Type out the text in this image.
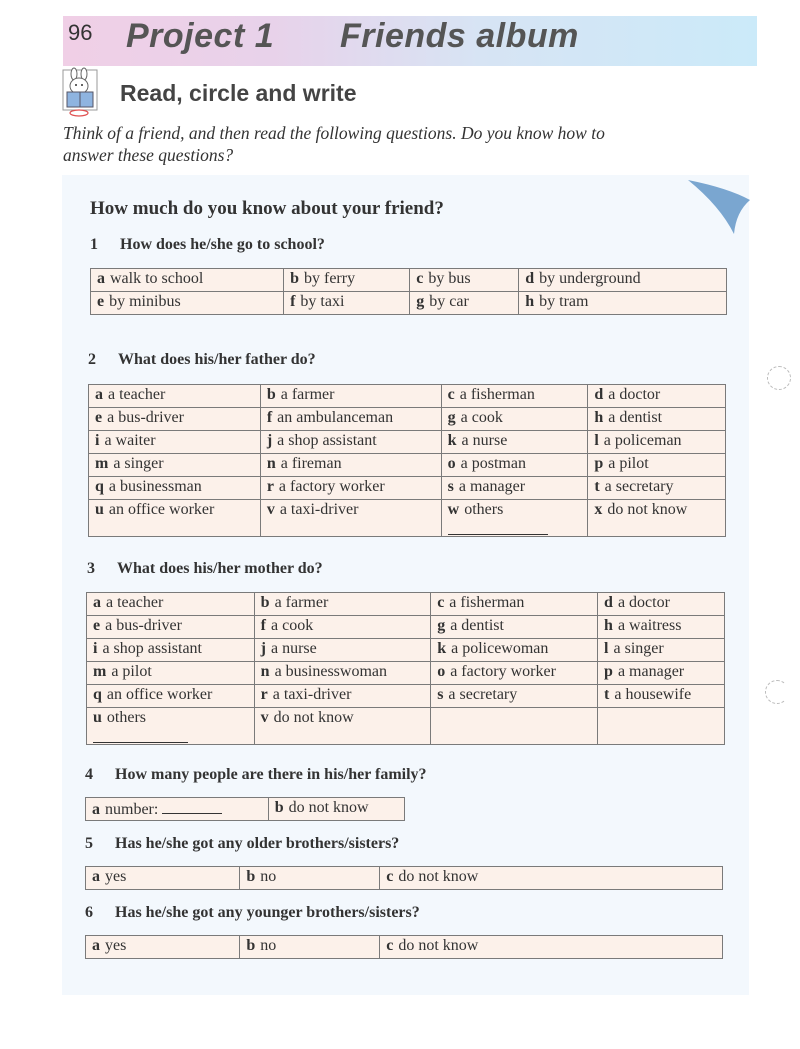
96 Project 1 Friends album
Read, circle and write
Think of a friend, and then read the following questions. Do you know how to answer these questions?
How much do you know about your friend?
1 How does he/she go to school?
a walk to school	b by ferry	c by bus	d by underground
e by minibus	f by taxi	g by car	h by tram
2 What does his/her father do?
a a teacher	b a farmer	c a fisherman	d a doctor
e a bus-driver	f an ambulanceman	g a cook	h a dentist
i a waiter	j a shop assistant	k a nurse	l a policeman
m a singer	n a fireman	o a postman	p a pilot
q a businessman	r a factory worker	s a manager	t a secretary
u an office worker	v a taxi-driver	w others	x do not know
3 What does his/her mother do?
a a teacher	b a farmer	c a fisherman	d a doctor
e a bus-driver	f a cook	g a dentist	h a waitress
i a shop assistant	j a nurse	k a policewoman	l a singer
m a pilot	n a businesswoman	o a factory worker	p a manager
q an office worker	r a taxi-driver	s a secretary	t a housewife
u others	v do not know		
4 How many people are there in his/her family?
a number:	b do not know
5 Has he/she got any older brothers/sisters?
a yes	b no	c do not know
6 Has he/she got any younger brothers/sisters?
a yes	b no	c do not know
